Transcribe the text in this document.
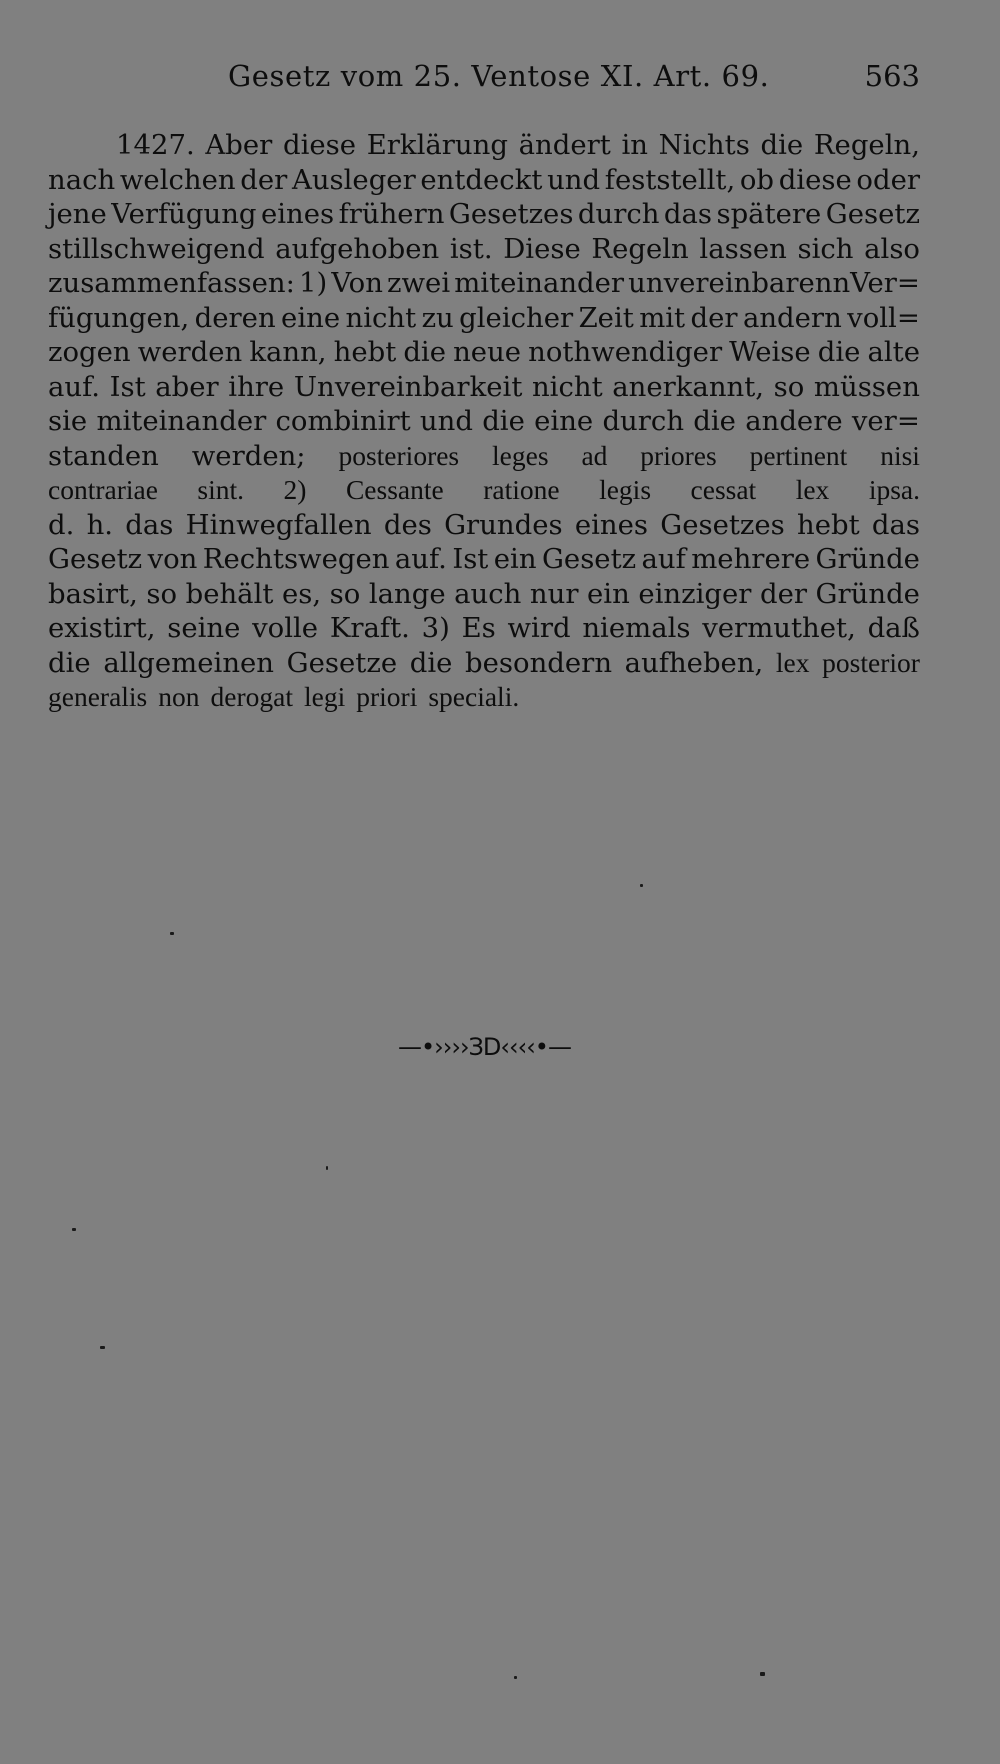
Gesetz vom 25. Ventose XI. Art. 69.	563
1427. Aber diese Erklärung ändert in Nichts die Regeln,
nach welchen der Ausleger entdeckt und feststellt, ob diese oder
jene Verfügung eines frühern Gesetzes durch das spätere Gesetz
stillschweigend aufgehoben ist. Diese Regeln lassen sich also
zusammenfassen: 1) Von zwei miteinander unvereinbarennVer=
fügungen, deren eine nicht zu gleicher Zeit mit der andern voll=
zogen werden kann, hebt die neue nothwendiger Weise die alte
auf. Ist aber ihre Unvereinbarkeit nicht anerkannt, so müssen
sie miteinander combinirt und die eine durch die andere ver=
standen werden; posteriores leges ad priores pertinent nisi
contrariae sint. 2) Cessante ratione legis cessat lex ipsa.
d. h. das Hinwegfallen des Grundes eines Gesetzes hebt das
Gesetz von Rechtswegen auf. Ist ein Gesetz auf mehrere Gründe
basirt, so behält es, so lange auch nur ein einziger der Gründe
existirt, seine volle Kraft. 3) Es wird niemals vermuthet, daß
die allgemeinen Gesetze die besondern aufheben, lex posterior
generalis non derogat legi priori speciali.
—•››››ЗD‹‹‹‹•—
